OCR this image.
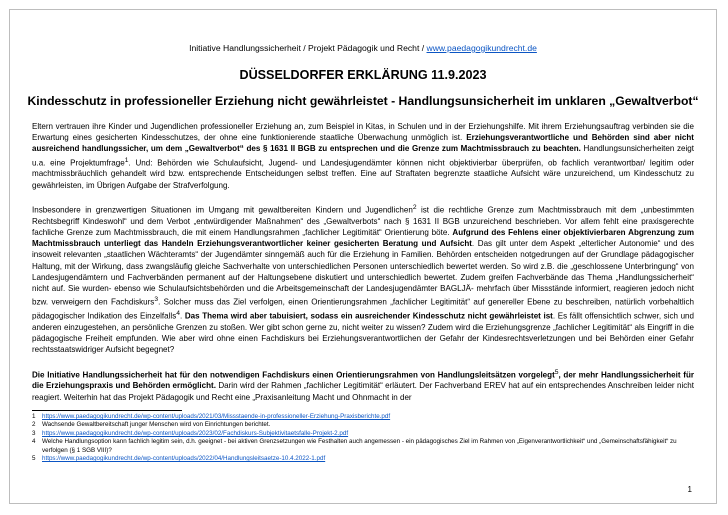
Initiative Handlungssicherheit / Projekt Pädagogik und Recht / www.paedagogikundrecht.de
DÜSSELDORFER ERKLÄRUNG 11.9.2023
Kindesschutz in professioneller Erziehung nicht gewährleistet - Handlungsunsicherheit im unklaren „Gewaltverbot“

Eltern vertrauen ihre Kinder und Jugendlichen professioneller Erziehung an, zum Beispiel in Kitas, in Schulen und in der Erziehungshilfe. Mit ihrem Erziehungsauftrag verbinden sie die Erwartung eines gesicherten Kindesschutzes, der ohne eine funktionierende staatliche Überwachung unmöglich ist. Erziehungsverantwortliche und Behörden sind aber nicht ausreichend handlungssicher, um dem „Gewaltverbot“ des § 1631 II BGB zu entsprechen und die Grenze zum Machtmissbrauch zu beachten. Handlungsunsicherheiten zeigt u.a. eine Projektumfrage$^1$. Und: Behörden wie Schulaufsicht, Jugend- und Landesjugendämter können nicht objektivierbar überprüfen, ob fachlich verantwortbar/ legitim oder machtmissbräuchlich gehandelt wird bzw. entsprechende Entscheidungen selbst treffen. Eine auf Straftaten begrenzte staatliche Aufsicht wäre unzureichend, um Kindesschutz zu gewährleisten, im Übrigen Aufgabe der Strafverfolgung.

Insbesondere in grenzwertigen Situationen im Umgang mit gewaltbereiten Kindern und Jugendlichen$^2$ ist die rechtliche Grenze zum Machtmissbrauch mit dem „unbestimmten Rechtsbegriff Kindeswohl“ und dem Verbot „entwürdigender Maßnahmen“ des „Gewaltverbots“ nach § 1631 II BGB unzureichend beschrieben. Vor allem fehlt eine praxisgerechte fachliche Grenze zum Machtmissbrauch, die mit einem Handlungsrahmen „fachlicher Legitimität“ Orientierung böte. Aufgrund des Fehlens einer objektivierbaren Abgrenzung zum Machtmissbrauch unterliegt das Handeln Erziehungsverantwortlicher keiner gesicherten Beratung und Aufsicht. Das gilt unter dem Aspekt „elterlicher Autonomie“ und des insoweit relevanten „staatlichen Wächteramts“ der Jugendämter sinngemäß auch für die Erziehung in Familien. Behörden entscheiden notgedrungen auf der Grundlage pädagogischer Haltung, mit der Wirkung, dass zwangsläufig gleiche Sachverhalte von unterschiedlichen Personen unterschiedlich bewertet werden. So wird z.B. die „geschlossene Unterbringung“ von Landesjugendämtern und Fachverbänden permanent auf der Haltungsebene diskutiert und unterschiedlich bewertet. Zudem greifen Fachverbände das Thema „Handlungssicherheit“ nicht auf. Sie wurden- ebenso wie Schulaufsichtsbehörden und die Arbeitsgemeinschaft der Landesjugendämter BAGLJÄ- mehrfach über Missstände informiert, reagieren jedoch nicht bzw. verweigern den Fachdiskurs$^3$. Solcher muss das Ziel verfolgen, einen Orientierungsrahmen „fachlicher Legitimität“ auf genereller Ebene zu beschreiben, natürlich vorbehaltlich pädagogischer Indikation des Einzelfalls$^4$. Das Thema wird aber tabuisiert, sodass ein ausreichender Kindesschutz nicht gewährleistet ist. Es fällt offensichtlich schwer, sich und anderen einzugestehen, an persönliche Grenzen zu stoßen. Wer gibt schon gerne zu, nicht weiter zu wissen? Zudem wird die Erziehungsgrenze „fachlicher Legitimität“ als Eingriff in die pädagogische Freiheit empfunden. Wie aber wird ohne einen Fachdiskurs bei Erziehungsverantwortlichen der Gefahr der Kindesrechtsverletzungen und bei Behörden einer Gefahr rechtsstaatswidriger Aufsicht begegnet?

Die Initiative Handlungssicherheit hat für den notwendigen Fachdiskurs einen Orientierungsrahmen von Handlungsleitsätzen vorgelegt$^5$, der mehr Handlungssicherheit für die Erziehungspraxis und Behörden ermöglicht. Darin wird der Rahmen „fachlicher Legitimität“ erläutert. Der Fachverband EREV hat auf ein entsprechendes Anschreiben leider nicht reagiert. Weiterhin hat das Projekt Pädagogik und Recht eine „Praxisanleitung Macht und Ohnmacht in der

1	https://www.paedagogikundrecht.de/wp-content/uploads/2021/03/Missstaende-in-professioneller-Erziehung-Praxisberichte.pdf
2	Wachsende Gewaltbereitschaft junger Menschen wird von Einrichtungen berichtet.
3	https://www.paedagogikundrecht.de/wp-content/uploads/2023/02/Fachdiskurs-Subjektivitaetsfalle-Projekt-2.pdf
4	Welche Handlungsoption kann fachlich legitim sein, d.h. geeignet - bei aktiven Grenzsetzungen wie Festhalten auch angemessen - ein pädagogisches Ziel im Rahmen von „Eigenverantwortlichkeit“ und „Gemeinschaftsfähigkeit“ zu verfolgen (§ 1 SGB VIII)?
5	https://www.paedagogikundrecht.de/wp-content/uploads/2022/04/Handlungsleitsaetze-10.4.2022-1.pdf
1
